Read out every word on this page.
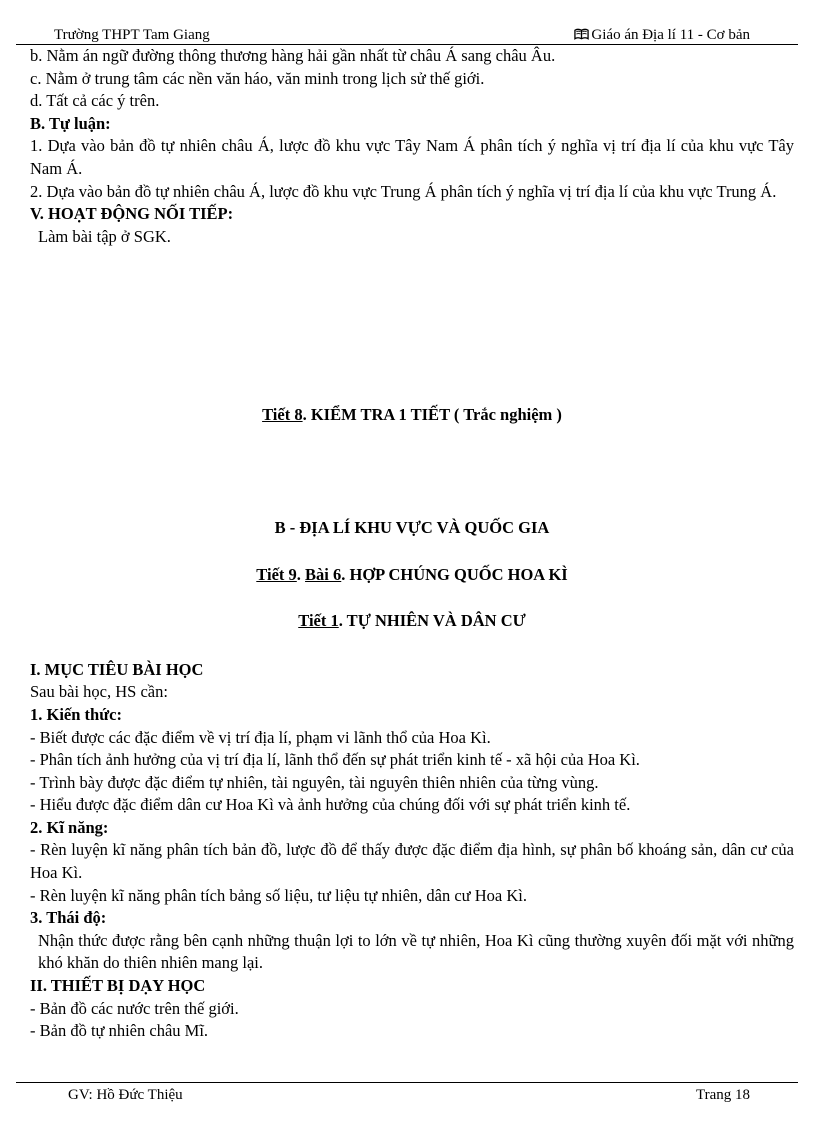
Trường THPT Tam Giang	Giáo án Địa lí 11 - Cơ bản

b. Nằm án ngữ đường thông thương hàng hải gần nhất từ châu Á sang châu Âu.

c. Nằm ở trung tâm các nền văn háo, văn minh trong lịch sử thế giới.

d. Tất cả các ý trên.

B. Tự luận:

1. Dựa vào bản đồ tự nhiên châu Á, lược đồ khu vực Tây Nam Á phân tích ý nghĩa vị trí địa lí của khu vực Tây Nam Á.

2. Dựa vào bản đồ tự nhiên châu Á, lược đồ khu vực Trung Á phân tích ý nghĩa vị trí địa lí của khu vực Trung Á.

V. HOẠT ĐỘNG NỐI TIẾP:

Làm bài tập ở SGK.

Tiết 8. KIỂM TRA 1 TIẾT ( Trắc nghiệm )

B - ĐỊA LÍ KHU VỰC VÀ QUỐC GIA

Tiết 9. Bài 6. HỢP CHÚNG QUỐC HOA KÌ

Tiết 1. TỰ NHIÊN VÀ DÂN CƯ

I. MỤC TIÊU BÀI HỌC

Sau bài học, HS cần:

1. Kiến thức:

- Biết được các đặc điểm về vị trí địa lí, phạm vi lãnh thổ của Hoa Kì.

- Phân tích ảnh hưởng của vị trí địa lí, lãnh thổ đến sự phát triển kinh tế - xã hội của Hoa Kì.

- Trình bày được đặc điểm tự nhiên, tài nguyên, tài nguyên thiên nhiên của từng vùng.

- Hiểu được đặc điểm dân cư Hoa Kì và ảnh hưởng của chúng đối với sự phát triển kinh tế.

2. Kĩ năng:

- Rèn luyện kĩ năng phân tích bản đồ, lược đồ để thấy được đặc điểm địa hình, sự phân bố khoáng sản, dân cư của Hoa Kì.

- Rèn luyện kĩ năng phân tích bảng số liệu, tư liệu tự nhiên, dân cư Hoa Kì.

3. Thái độ:

Nhận thức được rằng bên cạnh những thuận lợi to lớn về tự nhiên, Hoa Kì cũng thường xuyên đối mặt với những khó khăn do thiên nhiên mang lại.

II. THIẾT BỊ DẠY HỌC

- Bản đồ các nước trên thế giới.

- Bản đồ tự nhiên châu Mĩ.

GV: Hồ Đức Thiệu	Trang 18
